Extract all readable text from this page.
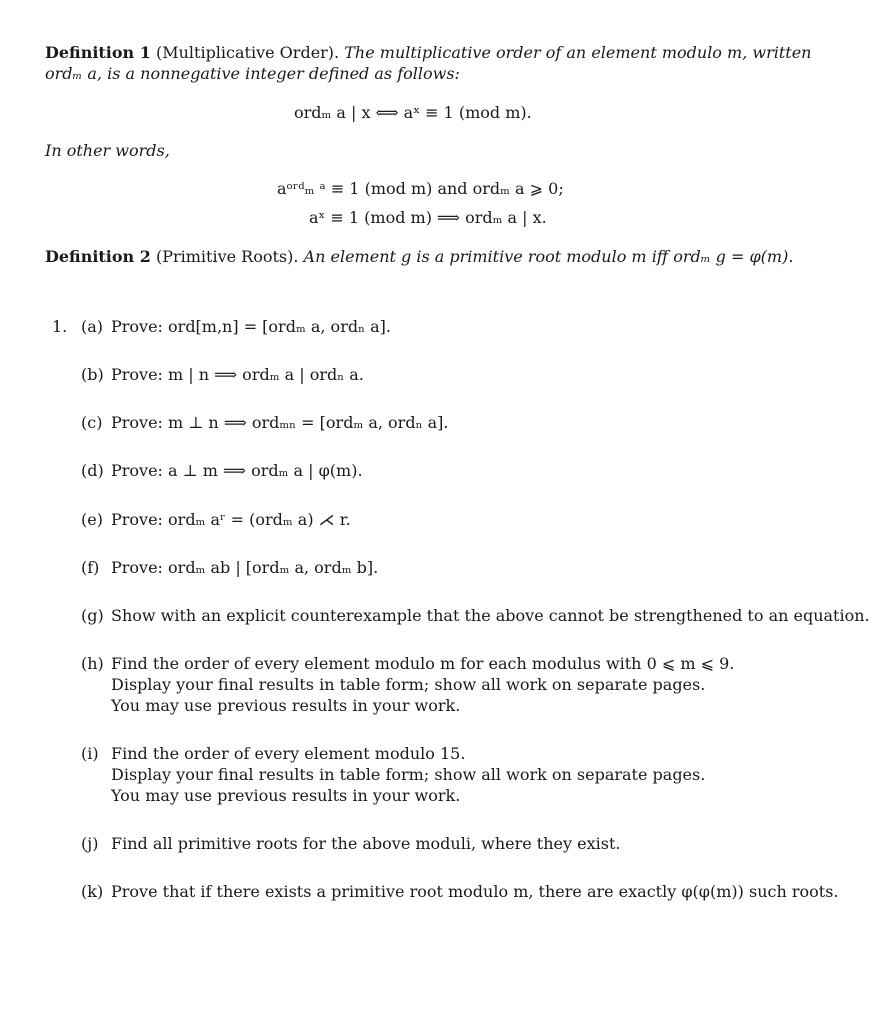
Definition 1 (Multiplicative Order). The multiplicative order of an element modulo m, written
ordₘ a, is a nonnegative integer defined as follows:
ordₘ a | x ⟺ aˣ ≡ 1 (mod m).
In other words,
aᵒʳᵈₘ ᵃ ≡ 1 (mod m) and ordₘ a ⩾ 0;
aˣ ≡ 1 (mod m) ⟹ ordₘ a | x.
Definition 2 (Primitive Roots). An element g is a primitive root modulo m iff ordₘ g = φ(m).
1. (a) Prove: ord[m,n] = [ordₘ a, ordₙ a].
(b) Prove: m | n ⟹ ordₘ a | ordₙ a.
(c) Prove: m ⊥ n ⟹ ordₘₙ = [ordₘ a, ordₙ a].
(d) Prove: a ⊥ m ⟹ ordₘ a | φ(m).
(e) Prove: ordₘ aʳ = (ordₘ a) ⋌ r.
(f) Prove: ordₘ ab | [ordₘ a, ordₘ b].
(g) Show with an explicit counterexample that the above cannot be strengthened to an equation.
(h) Find the order of every element modulo m for each modulus with 0 ⩽ m ⩽ 9.
Display your final results in table form; show all work on separate pages.
You may use previous results in your work.
(i) Find the order of every element modulo 15.
Display your final results in table form; show all work on separate pages.
You may use previous results in your work.
(j) Find all primitive roots for the above moduli, where they exist.
(k) Prove that if there exists a primitive root modulo m, there are exactly φ(φ(m)) such roots.
